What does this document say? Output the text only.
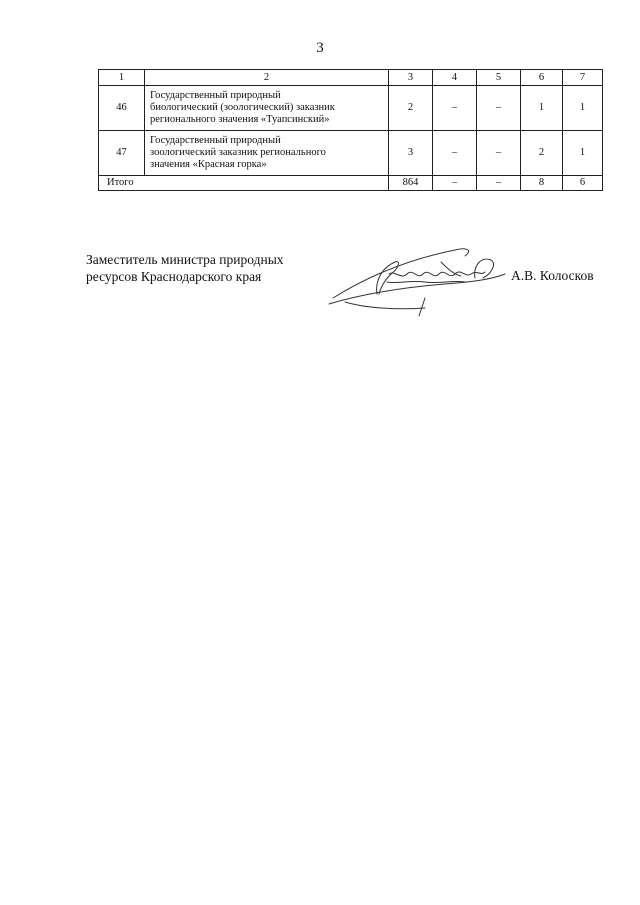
3
1	2	3	4	5	6	7
46	Государственный природный
биологический (зоологический) заказник
регионального значения «Туапсинский»	2	–	–	1	1
47	Государственный природный
зоологический заказник регионального
значения «Красная горка»	3	–	–	2	1
Итого		864	–	–	8	6
Заместитель министра природных
ресурсов Краснодарского края	А.В. Колосков
